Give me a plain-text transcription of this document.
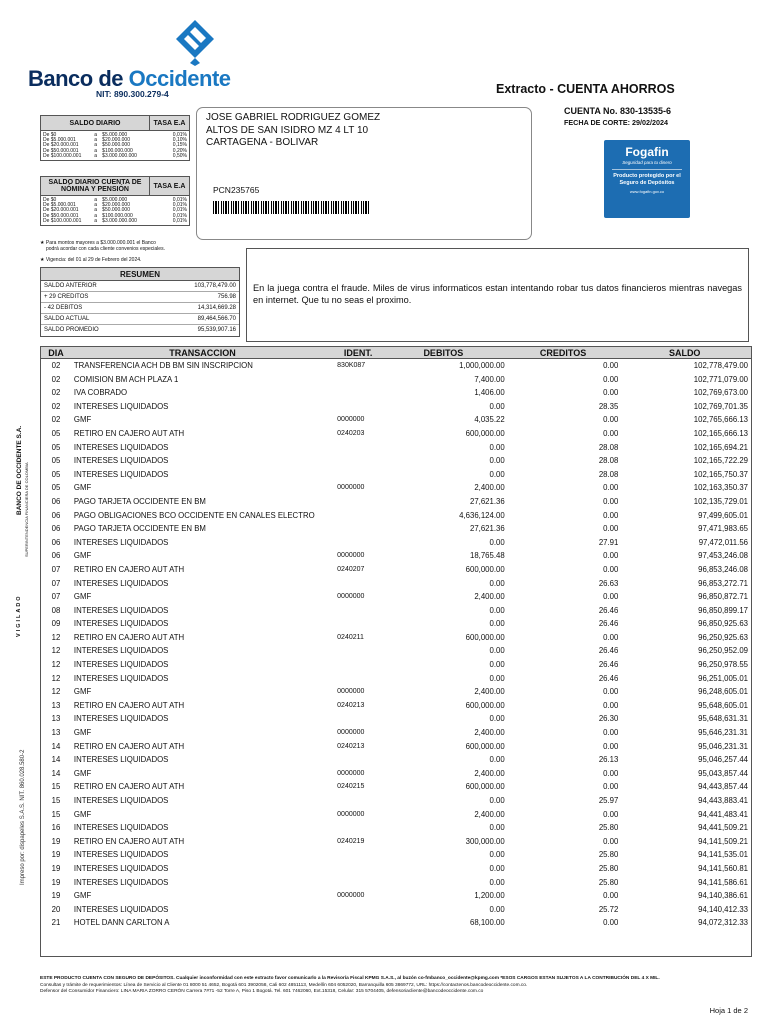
Banco de Occidente
NIT: 890.300.279-4	Extracto - CUENTA AHORROS
CUENTA No. 830-13535-6
FECHA DE CORTE: 29/02/2024
Fogafin
Seguridad para tu dinero
Producto protegido por el Seguro de Depósitos
www.fogafin.gov.co
JOSE GABRIEL RODRIGUEZ GOMEZ
ALTOS DE SAN ISIDRO MZ 4 LT 10
CARTAGENA - BOLIVAR
PCN235765
SALDO DIARIO	TASA E.A
De $0	a	$5.000.000	0,01%
De $5.000.001	a	$20.000.000	0,10%
De $20.000.001	a	$50.000.000	0,15%
De $50.000.001	a	$100.000.000	0,20%
De $100.000.001	a	$3.000.000.000	0,50%
SALDO DIARIO CUENTA DE NÓMINA Y PENSIÓN	TASA E.A
De $0	a	$5.000.000	0,01%
De $5.000.001	a	$20.000.000	0,01%
De $20.000.001	a	$50.000.000	0,01%
De $50.000.001	a	$100.000.000	0,01%
De $100.000.001	a	$3.000.000.000	0,01%
★ Para montos mayores a $3.000.000.001 el Banco
podrá acordar con cada cliente convenios especiales.
★ Vigencia: del 01 al 29 de Febrero del 2024.
RESUMEN
SALDO ANTERIOR	103,778,479.00
+ 29 CREDITOS	756.98
- 42 DEBITOS	14,314,669.28
SALDO ACTUAL	89,464,566.70
SALDO PROMEDIO	95,539,907.16
En la juega contra el fraude. Miles de virus informaticos estan intentando robar tus datos financieros mientras navegas en internet. Que tu no seas el proximo.
BANCO DE OCCIDENTE S.A. SUPERINTENDENCIA FINANCIERA DE COLOMBIA
VIGILADO
Impreso por: dispapeles S.A.S. NIT. 860.028.580-2
DIA	TRANSACCION	IDENT.	DEBITOS	CREDITOS	SALDO
02	TRANSFERENCIA ACH DB BM SIN INSCRIPCION	830K087	1,000,000.00	0.00	102,778,479.00
02	COMISION BM ACH PLAZA 1	7,400.00	0.00	102,771,079.00
02	IVA COBRADO	1,406.00	0.00	102,769,673.00
02	INTERESES LIQUIDADOS	0.00	28.35	102,769,701.35
02	GMF	0000000	4,035.22	0.00	102,765,666.13
05	RETIRO EN CAJERO AUT ATH	0240203	600,000.00	0.00	102,165,666.13
05	INTERESES LIQUIDADOS	0.00	28.08	102,165,694.21
05	INTERESES LIQUIDADOS	0.00	28.08	102,165,722.29
05	INTERESES LIQUIDADOS	0.00	28.08	102,165,750.37
05	GMF	0000000	2,400.00	0.00	102,163,350.37
06	PAGO TARJETA OCCIDENTE EN BM	27,621.36	0.00	102,135,729.01
06	PAGO OBLIGACIONES BCO OCCIDENTE EN CANALES ELECTRO	4,636,124.00	0.00	97,499,605.01
06	PAGO TARJETA OCCIDENTE EN BM	27,621.36	0.00	97,471,983.65
06	INTERESES LIQUIDADOS	0.00	27.91	97,472,011.56
06	GMF	0000000	18,765.48	0.00	97,453,246.08
07	RETIRO EN CAJERO AUT ATH	0240207	600,000.00	0.00	96,853,246.08
07	INTERESES LIQUIDADOS	0.00	26.63	96,853,272.71
07	GMF	0000000	2,400.00	0.00	96,850,872.71
08	INTERESES LIQUIDADOS	0.00	26.46	96,850,899.17
09	INTERESES LIQUIDADOS	0.00	26.46	96,850,925.63
12	RETIRO EN CAJERO AUT ATH	0240211	600,000.00	0.00	96,250,925.63
12	INTERESES LIQUIDADOS	0.00	26.46	96,250,952.09
12	INTERESES LIQUIDADOS	0.00	26.46	96,250,978.55
12	INTERESES LIQUIDADOS	0.00	26.46	96,251,005.01
12	GMF	0000000	2,400.00	0.00	96,248,605.01
13	RETIRO EN CAJERO AUT ATH	0240213	600,000.00	0.00	95,648,605.01
13	INTERESES LIQUIDADOS	0.00	26.30	95,648,631.31
13	GMF	0000000	2,400.00	0.00	95,646,231.31
14	RETIRO EN CAJERO AUT ATH	0240213	600,000.00	0.00	95,046,231.31
14	INTERESES LIQUIDADOS	0.00	26.13	95,046,257.44
14	GMF	0000000	2,400.00	0.00	95,043,857.44
15	RETIRO EN CAJERO AUT ATH	0240215	600,000.00	0.00	94,443,857.44
15	INTERESES LIQUIDADOS	0.00	25.97	94,443,883.41
15	GMF	0000000	2,400.00	0.00	94,441,483.41
16	INTERESES LIQUIDADOS	0.00	25.80	94,441,509.21
19	RETIRO EN CAJERO AUT ATH	0240219	300,000.00	0.00	94,141,509.21
19	INTERESES LIQUIDADOS	0.00	25.80	94,141,535.01
19	INTERESES LIQUIDADOS	0.00	25.80	94,141,560.81
19	INTERESES LIQUIDADOS	0.00	25.80	94,141,586.61
19	GMF	0000000	1,200.00	0.00	94,140,386.61
20	INTERESES LIQUIDADOS	0.00	25.72	94,140,412.33
21	HOTEL DANN CARLTON A	68,100.00	0.00	94,072,312.33
ESTE PRODUCTO CUENTA CON SEGURO DE DEPÓSITOS. Cualquier inconformidad con este extracto favor comunicarlo a la Revisoría Fiscal KPMG S.A.S., al buzón co-fmbanco_occidente@kpmg.com *ESOS CARGOS ESTAN SUJETOS A LA CONTRIBUCIÓN DEL 4 X MIL.
Consultas y trámite de requerimientos: Línea de Servicio al Cliente 01 8000 51 4652, Bogotá 601 3902058, Cali 602 4851113, Medellín 604 6052020, Barranquilla 605 3869772, URL: https://contactenos.bancodeoccidente.com.co.
Defensor del Consumidor Financiero: LINA MARIA ZORRO CERÓN Carrera 7#71 -52 Torre A, Piso 1 Bogotá. Tel. 601 7462060, Ext.15318, Celular: 315 5704405, defensoriacliente@bancodeoccidente.com.co
Hoja 1 de 2
